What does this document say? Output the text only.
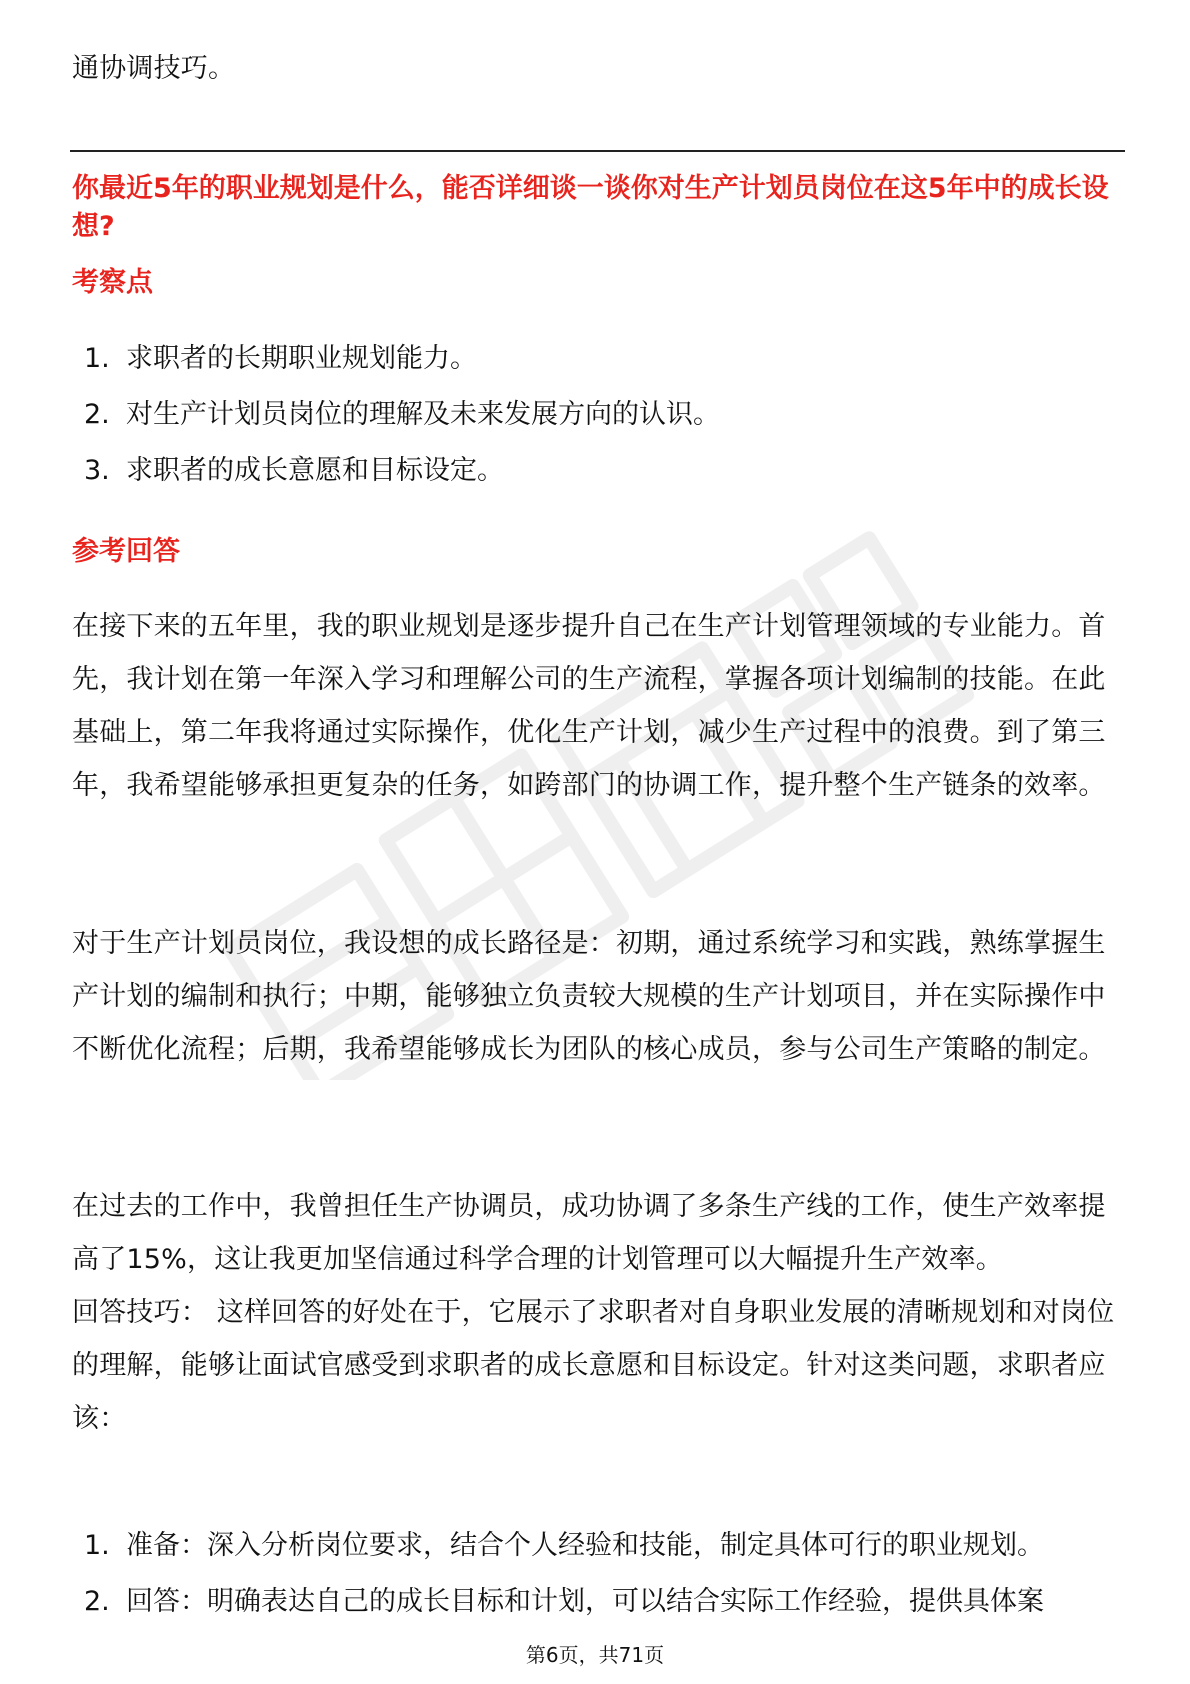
通协调技巧。
你最近5年的职业规划是什么，能否详细谈一谈你对生产计划员岗位在这5年中的成长设想?
考察点
1. 求职者的长期职业规划能力。
2. 对生产计划员岗位的理解及未来发展方向的认识。
3. 求职者的成长意愿和目标设定。
参考回答
在接下来的五年里，我的职业规划是逐步提升自己在生产计划管理领域的专业能力。首先，我计划在第一年深入学习和理解公司的生产流程，掌握各项计划编制的技能。在此基础上，第二年我将通过实际操作，优化生产计划，减少生产过程中的浪费。到了第三年，我希望能够承担更复杂的任务，如跨部门的协调工作，提升整个生产链条的效率。
对于生产计划员岗位，我设想的成长路径是：初期，通过系统学习和实践，熟练掌握生产计划的编制和执行；中期，能够独立负责较大规模的生产计划项目，并在实际操作中不断优化流程；后期，我希望能够成长为团队的核心成员，参与公司生产策略的制定。
在过去的工作中，我曾担任生产协调员，成功协调了多条生产线的工作，使生产效率提高了15%，这让我更加坚信通过科学合理的计划管理可以大幅提升生产效率。
回答技巧： 这样回答的好处在于，它展示了求职者对自身职业发展的清晰规划和对岗位的理解，能够让面试官感受到求职者的成长意愿和目标设定。针对这类问题，求职者应该：
1. 准备：深入分析岗位要求，结合个人经验和技能，制定具体可行的职业规划。
2. 回答：明确表达自己的成长目标和计划，可以结合实际工作经验，提供具体案
第6页，共71页
